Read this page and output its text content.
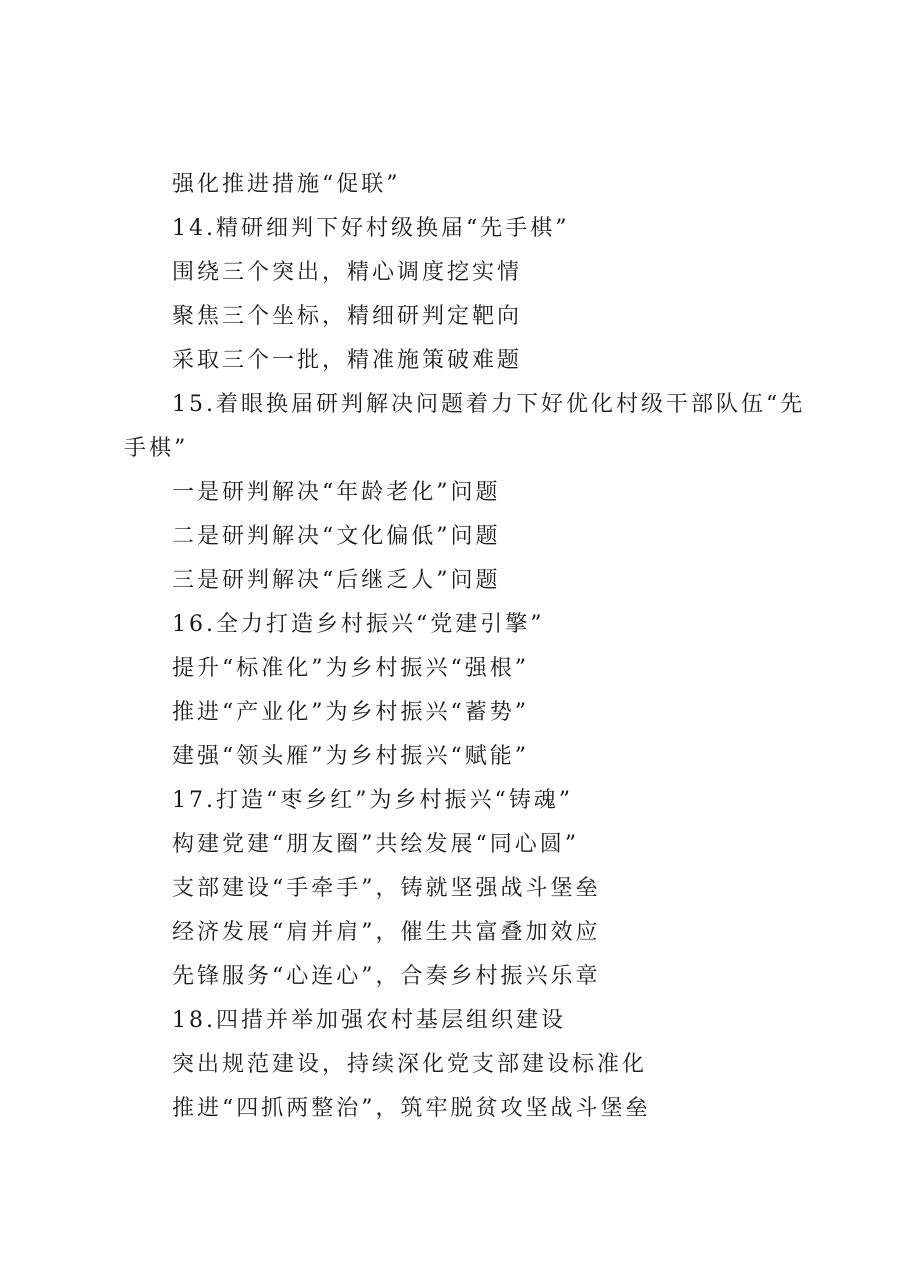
强化推进措施“促联”
14.精研细判下好村级换届“先手棋”
围绕三个突出，精心调度挖实情
聚焦三个坐标，精细研判定靶向
采取三个一批，精准施策破难题
15.着眼换届研判解决问题着力下好优化村级干部队伍“先手棋”
一是研判解决“年龄老化”问题
二是研判解决“文化偏低”问题
三是研判解决“后继乏人”问题
16.全力打造乡村振兴“党建引擎”
提升“标准化”为乡村振兴“强根”
推进“产业化”为乡村振兴“蓄势”
建强“领头雁”为乡村振兴“赋能”
17.打造“枣乡红”为乡村振兴“铸魂”
构建党建“朋友圈”共绘发展“同心圆”
支部建设“手牵手”，铸就坚强战斗堡垒
经济发展“肩并肩”，催生共富叠加效应
先锋服务“心连心”，合奏乡村振兴乐章
18.四措并举加强农村基层组织建设
突出规范建设，持续深化党支部建设标准化
推进“四抓两整治”，筑牢脱贫攻坚战斗堡垒
